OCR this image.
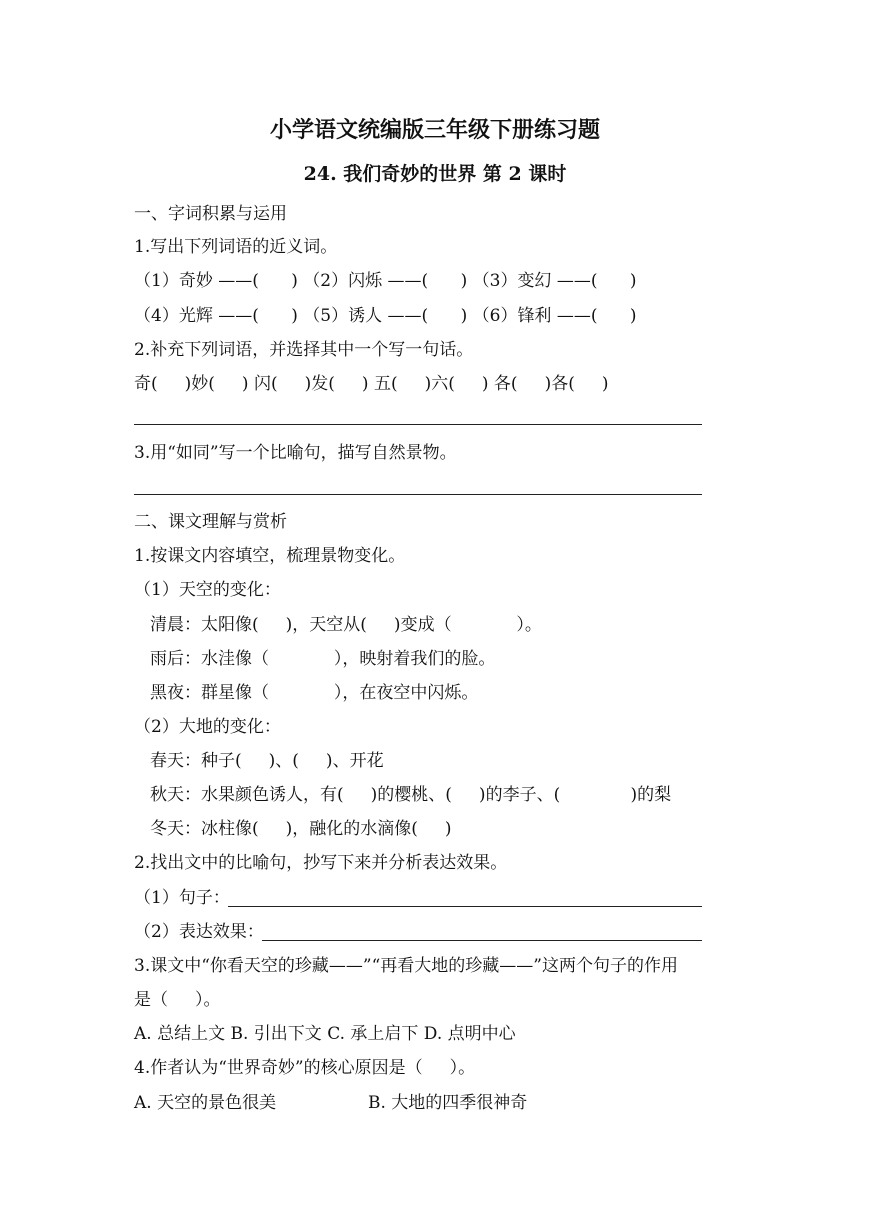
小学语文统编版三年级下册练习题
24. 我们奇妙的世界 第 2 课时
一、字词积累与运用
1.写出下列词语的近义词。
（1）奇妙 ——(      ) （2）闪烁 ——(      ) （3）变幻 ——(      )
（4）光辉 ——(      ) （5）诱人 ——(      ) （6）锋利 ——(      )
2.补充下列词语，并选择其中一个写一句话。
奇(     )妙(     ) 闪(     )发(     ) 五(     )六(     ) 各(     )各(     )
3.用“如同”写一个比喻句，描写自然景物。
二、课文理解与赏析
1.按课文内容填空，梳理景物变化。
（1）天空的变化：
清晨：太阳像(     )，天空从(     )变成（            ）。
雨后：水洼像（            ），映射着我们的脸。
黑夜：群星像（            ），在夜空中闪烁。
（2）大地的变化：
春天：种子(     )、(     )、开花
秋天：水果颜色诱人，有(     )的樱桃、(     )的李子、(             )的梨
冬天：冰柱像(     )，融化的水滴像(     )
2.找出文中的比喻句，抄写下来并分析表达效果。
（1）句子：
（2）表达效果：
3.课文中“你看天空的珍藏——”“再看大地的珍藏——”这两个句子的作用
是（     ）。
A. 总结上文 B. 引出下文 C. 承上启下 D. 点明中心
4.作者认为“世界奇妙”的核心原因是（     ）。
A. 天空的景色很美	B. 大地的四季很神奇
